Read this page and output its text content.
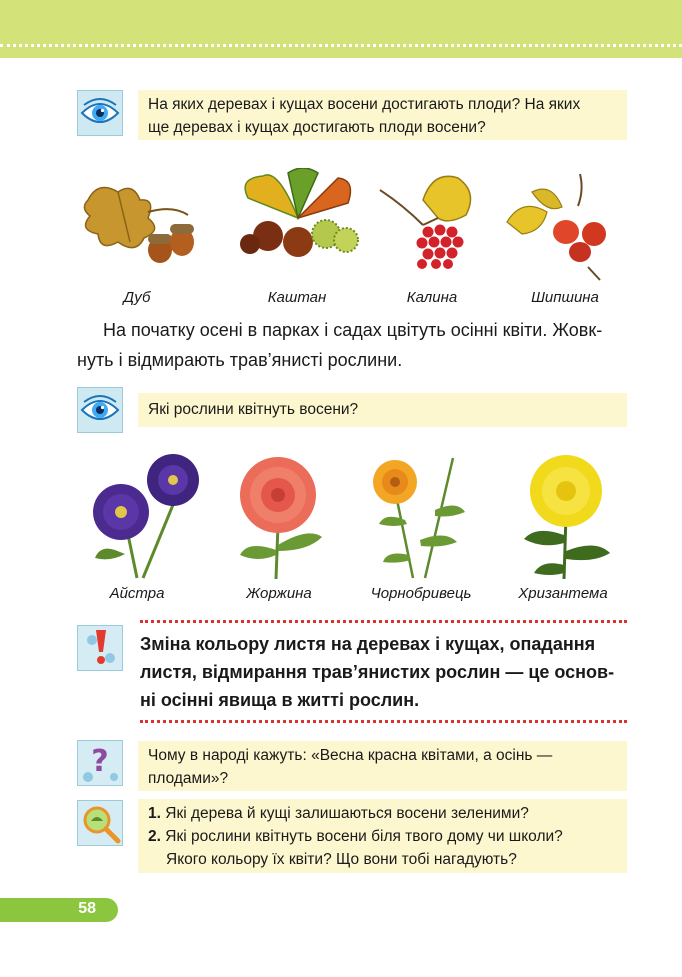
На яких деревах і кущах восени достигають плоди? На яких
ще деревах і кущах достигають плоди восени?
Дуб	Каштан	Калина	Шипшина
На початку осені в парках і садах цвітуть осінні квіти. Жовк-
нуть і відмирають трав’янисті рослини.
Які рослини квітнуть восени?
Айстра	Жоржина	Чорнобривець	Хризантема
Зміна кольору листя на деревах і кущах, опадання
листя, відмирання трав’янистих рослин — це основ-
ні осінні явища в житті рослин.
?	Чому в народі кажуть: «Весна красна квітами, а осінь —
плодами»?
1. Які дерева й кущі залишаються восени зеленими?
2. Які рослини квітнуть восени біля твого дому чи школи?
Якого кольору їх квіти? Що вони тобі нагадують?
58
